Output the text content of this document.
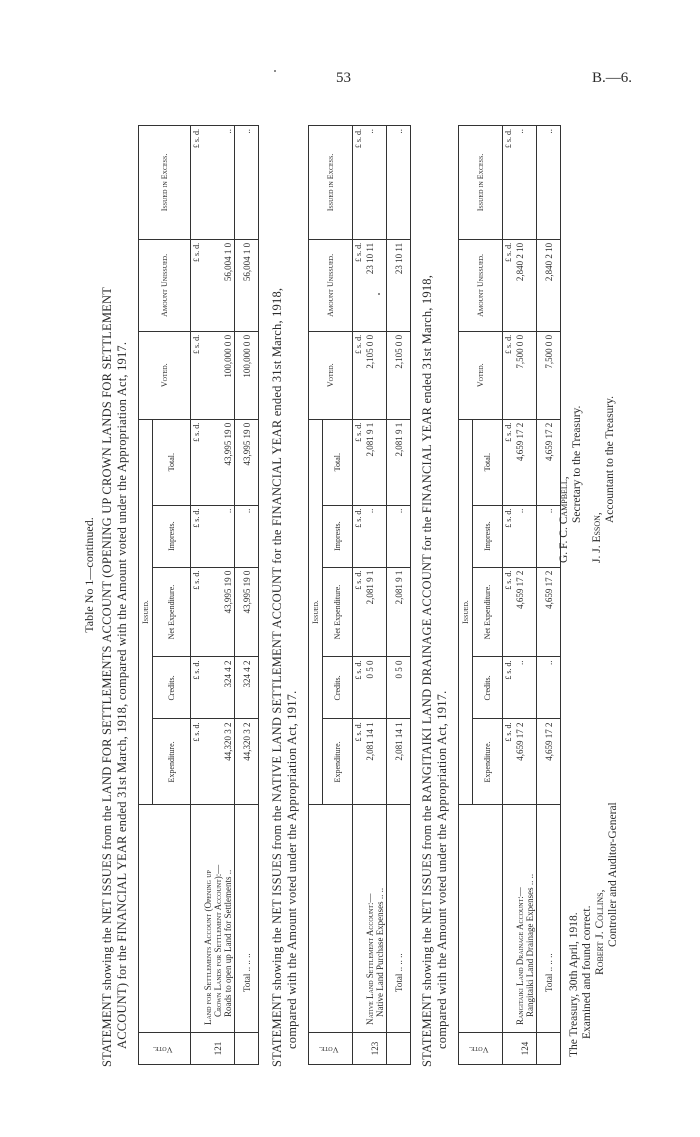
53	B.—6.
Table No 1—continued. STATEMENT showing the NET ISSUES from the LAND FOR SETTLEMENTS ACCOUNT (OPENING UP CROWN LANDS FOR SETTLEMENT ACCOUNT) for the FINANCIAL YEAR ended 31st March, 1918, compared with the Amount voted under the Appropriation Act, 1917.
Vote.		Issued.					Voted.	Amount Unissued.	Issued in Excess.
		Expenditure.	Credits.	Net Expenditure.	Imprests.	Total.			
		£ s. d.	£ s. d.	£ s. d.	£ s. d.	£ s. d.	£ s. d.	£ s. d.	£ s. d.
121	Land for Settlements Account (Opening up Crown Lands for Settlement Account):— Roads to open up Land for Settlements ..	44,320 3 2	324 4 2	43,995 19 0	..	43,995 19 0	100,000 0 0	56,004 1 0	..
	Total .. .. ..	44,320 3 2	324 4 2	43,995 19 0	..	43,995 19 0	100,000 0 0	56,004 1 0	..
STATEMENT showing the NET ISSUES from the NATIVE LAND SETTLEMENT ACCOUNT for the FINANCIAL YEAR ended 31st March, 1918, compared with the Amount voted under the Appropriation Act, 1917.
Vote.		Issued.					Voted.	Amount Unissued.	Issued in Excess.
		Expenditure.	Credits.	Net Expenditure.	Imprests.	Total.			
		£ s. d.	£ s. d.	£ s. d.	£ s. d.	£ s. d.	£ s. d.	£ s. d.	£ s. d.
123	Native Land Settlement Account:— Native Land Purchase Expenses .. ..	2,081 14 1	0 5 0	2,081 9 1	..	2,081 9 1	2,105 0 0	23 10 11	..
	Total .. .. ..	2,081 14 1	0 5 0	2,081 9 1	..	2,081 9 1	2,105 0 0	23 10 11	..
STATEMENT showing the NET ISSUES from the RANGITAIKI LAND DRAINAGE ACCOUNT for the FINANCIAL YEAR ended 31st March, 1918, compared with the Amount voted under the Appropriation Act, 1917.
Vote.		Issued.					Voted.	Amount Unissued.	Issued in Excess.
		Expenditure.	Credits.	Net Expenditure.	Imprests.	Total.			
		£ s. d.	£ s. d.	£ s. d.	£ s. d.	£ s. d.	£ s. d.	£ s. d.	£ s. d.
124	Rangitaiki Land Drainage Account:— Rangitaiki Land Drainage Expenses .. ..	4,659 17 2	..	4,659 17 2	..	4,659 17 2	7,500 0 0	2,840 2 10	..
	Total .. .. ..	4,659 17 2	..	4,659 17 2	..	4,659 17 2	7,500 0 0	2,840 2 10	..
The Treasury, 30th April, 1918. Examined and found correct. Robert J. Collins, Controller and Auditor-General
G. F. C. Campbell, Secretary to the Treasury.
J. J. Esson,
Accountant to the Treasury.
